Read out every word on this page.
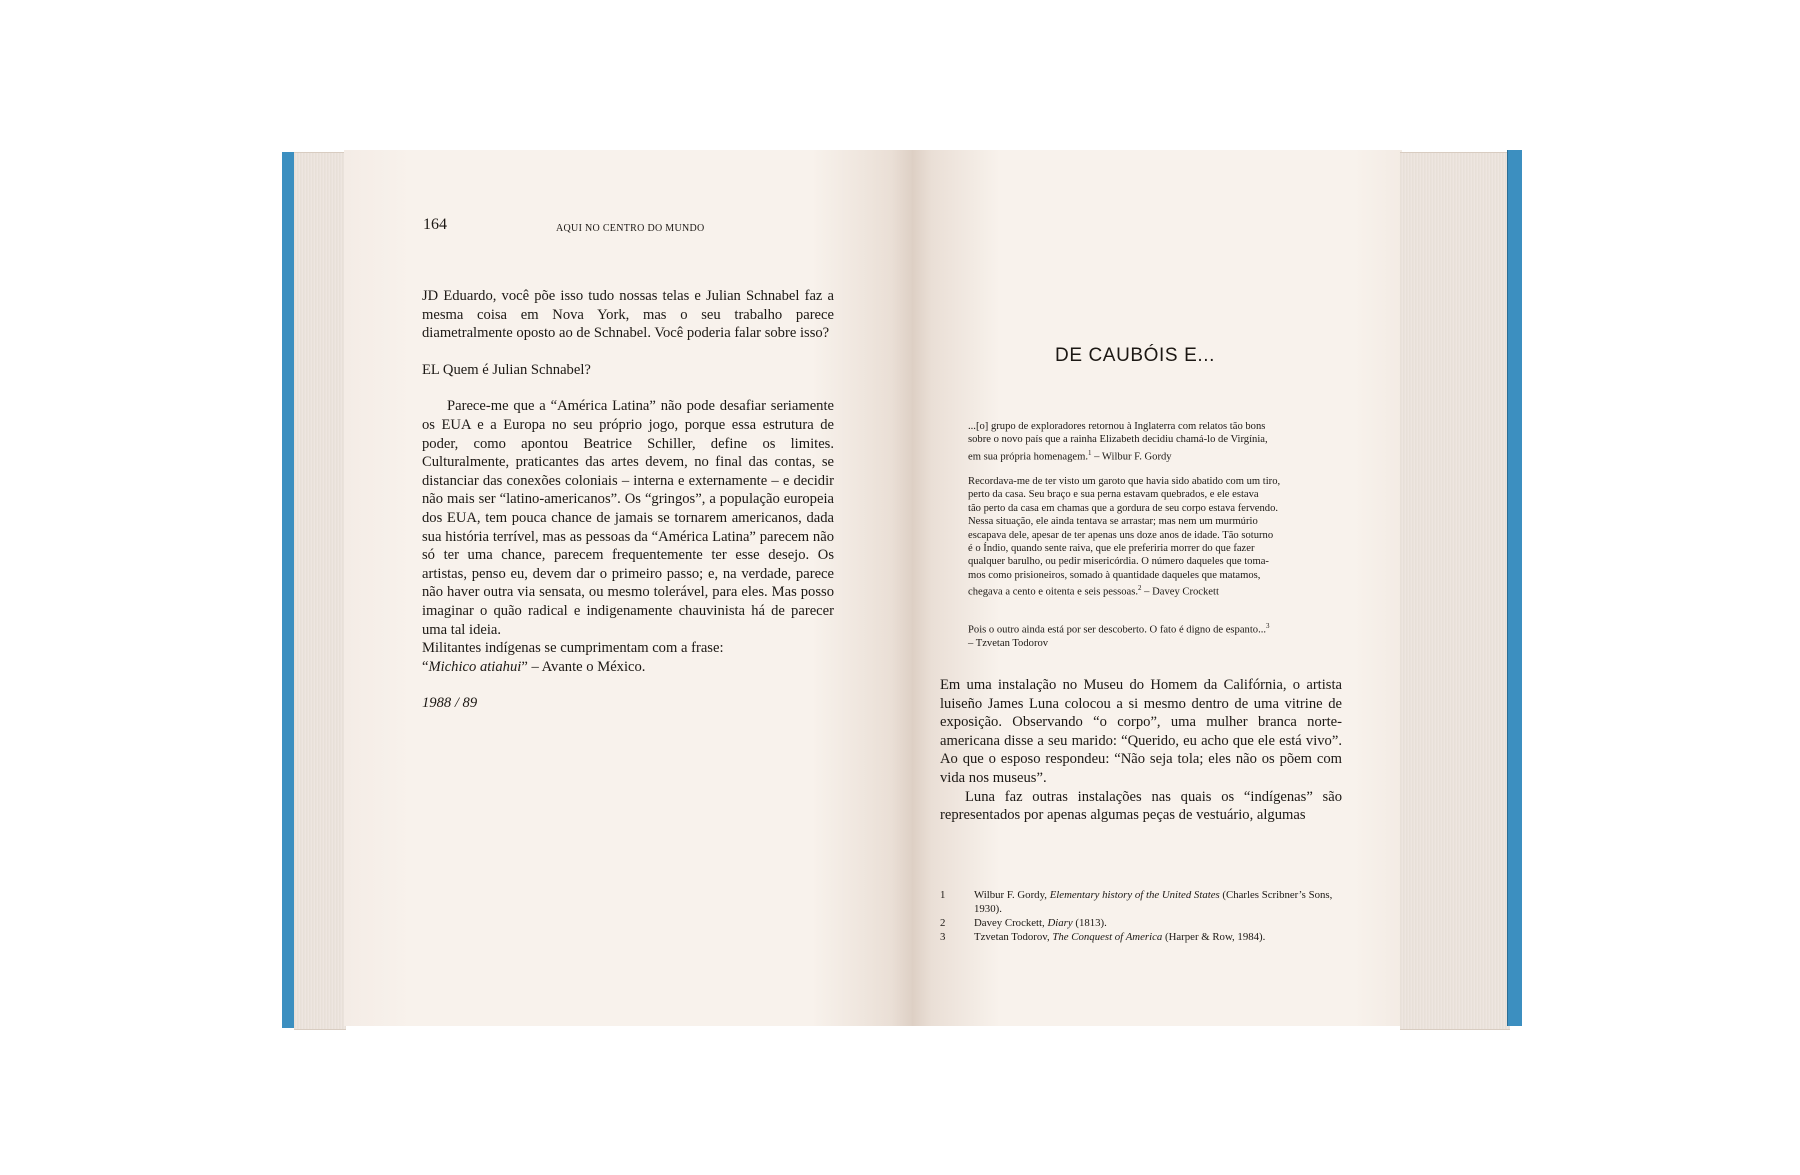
164	AQUI NO CENTRO DO MUNDO

JD Eduardo, você põe isso tudo nossas telas e Julian Schnabel faz a mesma coisa em Nova York, mas o seu trabalho parece diametralmente oposto ao de Schnabel. Você poderia falar sobre isso?

EL Quem é Julian Schnabel?

Parece-me que a “América Latina” não pode desafiar seriamente os EUA e a Europa no seu próprio jogo, porque essa estrutura de poder, como apontou Beatrice Schiller, define os limites. Culturalmente, praticantes das artes devem, no final das contas, se distanciar das conexões coloniais – interna e externamente – e decidir não mais ser “latino-americanos”. Os “gringos”, a população europeia dos EUA, tem pouca chance de jamais se tornarem americanos, dada sua história terrível, mas as pessoas da “América Latina” parecem não só ter uma chance, parecem frequentemente ter esse desejo. Os artistas, penso eu, devem dar o primeiro passo; e, na verdade, parece não haver outra via sensata, ou mesmo tolerável, para eles. Mas posso imaginar o quão radical e indigenamente chauvinista há de parecer uma tal ideia.

Militantes indígenas se cumprimentam com a frase:

“Michico atiahui” – Avante o México.

1988 / 89

DE CAUBÓIS E...

...[o] grupo de exploradores retornou à Inglaterra com relatos tão bons

sobre o novo país que a rainha Elizabeth decidiu chamá-lo de Virgínia,

em sua própria homenagem.$^1$ – Wilbur F. Gordy

Recordava-me de ter visto um garoto que havia sido abatido com um tiro,

perto da casa. Seu braço e sua perna estavam quebrados, e ele estava

tão perto da casa em chamas que a gordura de seu corpo estava fervendo.

Nessa situação, ele ainda tentava se arrastar; mas nem um murmúrio

escapava dele, apesar de ter apenas uns doze anos de idade. Tão soturno

é o Índio, quando sente raiva, que ele preferiria morrer do que fazer

qualquer barulho, ou pedir misericórdia. O número daqueles que toma-

mos como prisioneiros, somado à quantidade daqueles que matamos,

chegava a cento e oitenta e seis pessoas.$^2$ – Davey Crockett

Pois o outro ainda está por ser descoberto. O fato é digno de espanto...$^3$

– Tzvetan Todorov

Em uma instalação no Museu do Homem da Califórnia, o artista luiseño James Luna colocou a si mesmo dentro de uma vitrine de exposição. Observando “o corpo”, uma mulher branca norte-americana disse a seu marido: “Querido, eu acho que ele está vivo”. Ao que o esposo respondeu: “Não seja tola; eles não os põem com vida nos museus”.

Luna faz outras instalações nas quais os “indígenas” são representados por apenas algumas peças de vestuário, algumas

1	Wilbur F. Gordy, Elementary history of the United States (Charles Scribner’s Sons, 1930).
2	Davey Crockett, Diary (1813).
3	Tzvetan Todorov, The Conquest of America (Harper & Row, 1984).
